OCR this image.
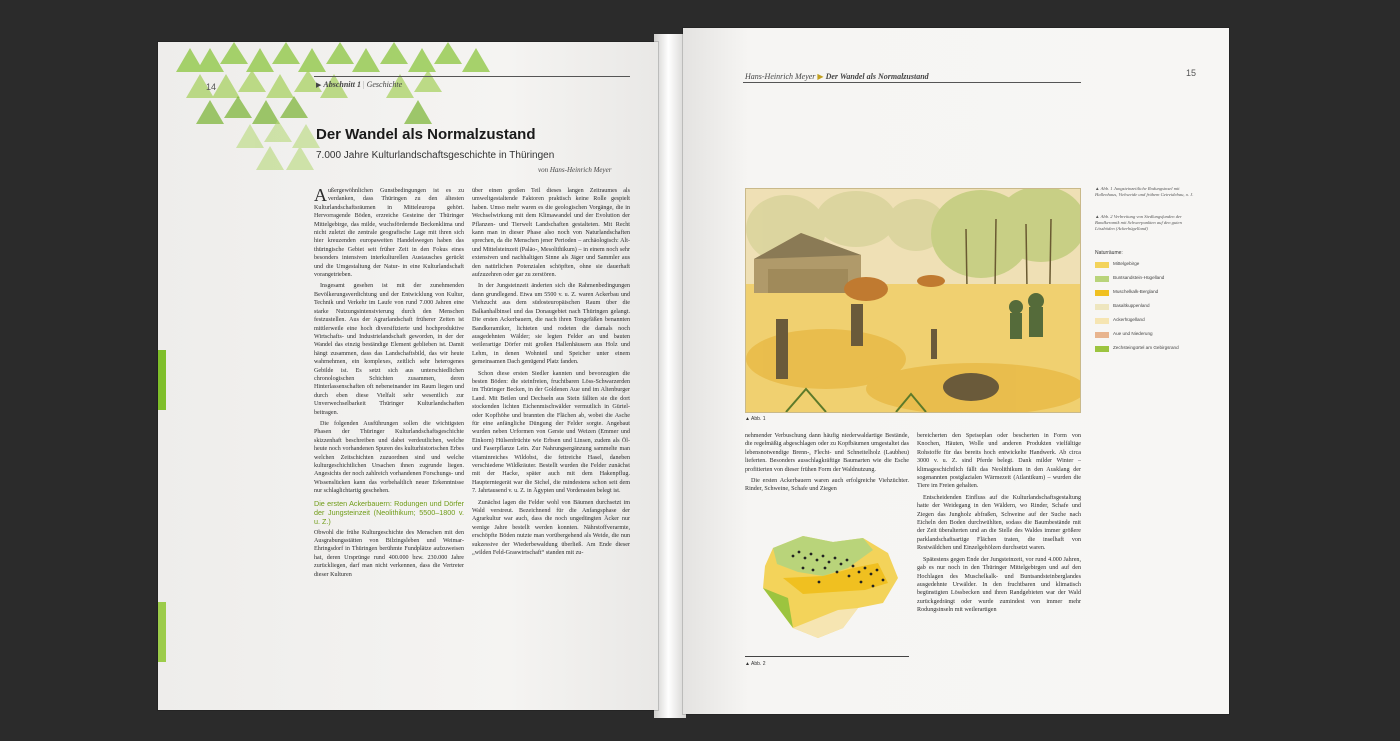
14	▶ Abschnitt 1 | Geschichte
Der Wandel als Normalzustand
7.000 Jahre Kulturlandschaftsgeschichte in Thüringen
von Hans-Heinrich Meyer

Außergewöhnlichen Gunstbedingungen ist es zu verdanken, dass Thüringen zu den ältesten Kulturlandschaftsräumen in Mitteleuropa gehört. Hervorragende Böden, erzreiche Gesteine der Thüringer Mittelgebirge, das milde, wuchsfördernde Beckenklima und nicht zuletzt die zentrale geografische Lage mit ihren sich hier kreuzenden europaweiten Handelswegen haben das thüringische Gebiet seit früher Zeit in den Fokus eines besonders intensiven interkulturellen Austausches gerückt und die Umgestaltung der Natur- in eine Kulturlandschaft vorangetrieben.

Insgesamt gesehen ist mit der zunehmenden Bevölkerungsverdichtung und der Entwicklung von Kultur, Technik und Verkehr im Laufe von rund 7.000 Jahren eine starke Nutzungsintensivierung durch den Menschen festzustellen. Aus der Agrarlandschaft früherer Zeiten ist mittlerweile eine hoch diversifizierte und hochproduktive Wirtschafts- und Industrielandschaft geworden, in der der Wandel das einzig beständige Element geblieben ist. Damit hängt zusammen, dass das Landschaftsbild, das wir heute wahrnehmen, ein komplexes, zeitlich sehr heterogenes Gebilde ist. Es setzt sich aus unterschiedlichen chronologischen Schichten zusammen, deren Hinterlassenschaften oft nebeneinander im Raum liegen und durch eben diese Vielfalt sehr wesentlich zur Unverwechselbarkeit Thüringer Kulturlandschaften beitragen.

Die folgenden Ausführungen sollen die wichtigsten Phasen der Thüringer Kulturlandschaftsgeschichte skizzenhaft beschreiben und dabei verdeutlichen, welche heute noch vorhandenen Spuren des kulturhistorischen Erbes welchen Zeitschichten zuzuordnen sind und welche kulturgeschichtlichen Ursachen ihnen zugrunde liegen. Angesichts der noch zahlreich vorhandenen Forschungs- und Wissenslücken kann das vorbehaltlich neuer Erkenntnisse nur schlaglichtartig geschehen.

Die ersten Ackerbauern: Rodungen und Dörfer der Jungsteinzeit (Neolithikum; 5500–1800 v. u. Z.)

Obwohl die frühe Kulturgeschichte des Menschen mit den Ausgrabungsstätten von Bilzingsleben und Weimar-Ehringsdorf in Thüringen berühmte Fundplätze aufzuweisen hat, deren Ursprünge rund 400.000 bzw. 230.000 Jahre zurückliegen, darf man nicht verkennen, dass die Vertreter dieser Kulturen

über einen großen Teil dieses langen Zeitraumes als umweltgestaltende Faktoren praktisch keine Rolle gespielt haben. Umso mehr waren es die geologischen Vorgänge, die in Wechselwirkung mit dem Klimawandel und der Evolution der Pflanzen- und Tierwelt Landschaften gestalteten. Mit Recht kann man in dieser Phase also noch von Naturlandschaften sprechen, da die Menschen jener Perioden – archäologisch: Alt- und Mittelsteinzeit (Paläo-, Mesolithikum) – in einem noch sehr extensiven und nachhaltigen Sinne als Jäger und Sammler aus den natürlichen Potenzialen schöpften, ohne sie dauerhaft aufzuzehren oder gar zu zerstören.

In der Jungsteinzeit änderten sich die Rahmenbedingungen dann grundlegend. Etwa um 5500 v. u. Z. waren Ackerbau und Viehzucht aus dem südosteuropäischen Raum über die Balkanhalbinsel und das Donaugebiet nach Thüringen gelangt. Die ersten Ackerbauern, die nach ihren Tongefäßen benannten Bandkeramiker, lichteten und rodeten die damals noch ausgedehnten Wälder; sie legten Felder an und bauten weilerartige Dörfer mit großen Hallenhäusern aus Holz und Lehm, in denen Wohnteil und Speicher unter einem gemeinsamen Dach genügend Platz fanden.

Schon diese ersten Siedler kannten und bevorzugten die besten Böden: die steinfreien, fruchtbaren Löss-Schwarzerden im Thüringer Becken, in der Goldenen Aue und im Altenburger Land. Mit Beilen und Dechseln aus Stein fällten sie die dort stockenden lichten Eichenmischwälder vermutlich in Gürtel- oder Kopfhöhe und brannten die Flächen ab, wobei die Asche für eine anfängliche Düngung der Felder sorgte. Angebaut wurden neben Urformen von Gerste und Weizen (Emmer und Einkorn) Hülsenfrüchte wie Erbsen und Linsen, zudem als Öl- und Faserpflanze Lein. Zur Nahrungsergänzung sammelte man vitaminreiches Wildobst, die fettreiche Hasel, daneben verschiedene Wildkräuter. Bestellt wurden die Felder zunächst mit der Hacke, später auch mit dem Hakenpflug. Haupterntegerät war die Sichel, die mindestens schon seit dem 7. Jahrtausend v. u. Z. in Ägypten und Vorderasien belegt ist.

Zunächst lagen die Felder wohl von Bäumen durchsetzt im Wald verstreut. Bezeichnend für die Anfangsphase der Agrarkultur war auch, dass die noch ungedüngten Äcker nur wenige Jahre bestellt werden konnten. Nährstoffverarmte, erschöpfte Böden nutzte man vorübergehend als Weide, die nun sukzessive der Wiederbewaldung überließ. Am Ende dieser „wilden Feld-Graswirtschaft“ standen mit zu-

Hans-Heinrich Meyer ▶ Der Wandel als Normalzustand	15
▲ Abb. 1
▲ Abb. 1 Jungsteinzeitliche Rodungsinsel mit Hallenhaus, Viehweide und frühem Getreidebau, o. J.
▲ Abb. 2 Verbreitung von Siedlungsfunden der Bandkeramik mit Schwerpunkten auf den guten Lössböden (Ackerhügelland)
Naturräume:
Mittelgebirge
Buntsandstein-Hügelland
Muschelkalk-Bergland
Basaltkuppenland
Ackerhügelland
Aue und Niederung
Zechsteingürtel am Gebirgsrand

nehmender Verbuschung dann häufig niederwaldartige Bestände, die regelmäßig abgeschlagen oder zu Kopfbäumen umgestaltet das lebensnotwendige Brenn-, Flecht- und Schneitelholz (Laubheu) lieferten. Besonders ausschlagkräftige Baumarten wie die Esche profitierten von dieser frühen Form der Waldnutzung.

Die ersten Ackerbauern waren auch erfolgreiche Viehzüchter. Rinder, Schweine, Schafe und Ziegen

bereicherten den Speiseplan oder bescherten in Form von Knochen, Häuten, Wolle und anderen Produkten vielfältige Rohstoffe für das bereits hoch entwickelte Handwerk. Ab circa 3000 v. u. Z. sind Pferde belegt. Dank milder Winter – klimageschichtlich fällt das Neolithikum in den Ausklang der sogenannten postglazialen Wärmezeit (Atlantikum) – wurden die Tiere im Freien gehalten.

Entscheidenden Einfluss auf die Kulturlandschaftsgestaltung hatte der Weidegang in den Wäldern, wo Rinder, Schafe und Ziegen das Jungholz abfraßen, Schweine auf der Suche nach Eicheln den Boden durchwühlten, sodass die Baumbestände mit der Zeit überalterten und an die Stelle des Waldes immer größere parklandschaftsartige Flächen traten, die inselhaft von Restwäldchen und Einzelgehölzen durchsetzt waren.

Spätestens gegen Ende der Jungsteinzeit, vor rund 4.000 Jahren, gab es nur noch in den Thüringer Mittelgebirgen und auf den Hochlagen des Muschelkalk- und Buntsandsteinberglandes ausgedehnte Urwälder. In den fruchtbaren und klimatisch begünstigten Lössbecken und ihren Randgebieten war der Wald zurückgedrängt oder wurde zumindest von immer mehr Rodungsinseln mit weilerartigen

▲ Abb. 2
